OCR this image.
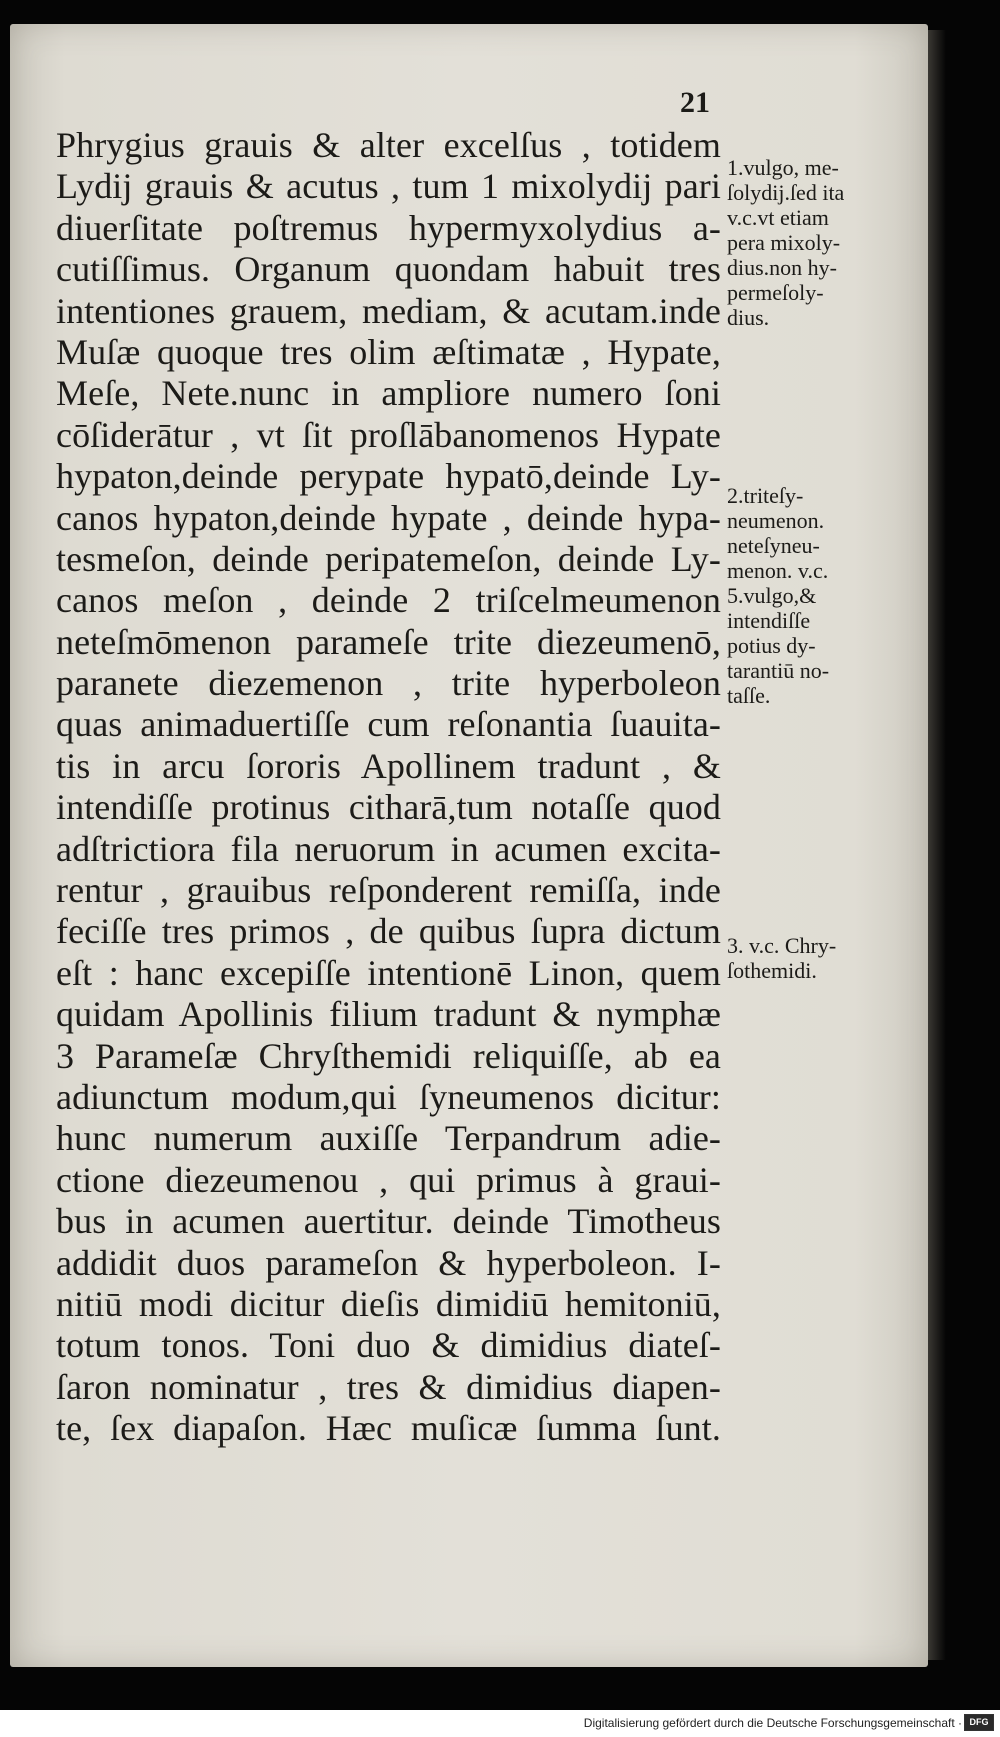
21
Phrygius grauis & alter excelſus , totidem
Lydij grauis & acutus , tum 1 mixolydij pari
diuerſitate poſtremus hypermyxolydius a-
cutiſſimus. Organum quondam habuit tres
intentiones grauem, mediam, & acutam.inde
Muſæ quoque tres olim æſtimatæ , Hypate,
Meſe, Nete.nunc in ampliore numero ſoni
cōſiderātur , vt ſit proſlābanomenos Hypate
hypaton,deinde perypate hypatō,deinde Ly-
canos hypaton,deinde hypate , deinde hypa-
tesmeſon, deinde peripatemeſon, deinde Ly-
canos meſon , deinde 2 triſcelmeumenon
neteſmōmenon parameſe trite diezeumenō,
paranete diezemenon , trite hyperboleon
quas animaduertiſſe cum reſonantia ſuauita-
tis in arcu ſororis Apollinem tradunt , &
intendiſſe protinus citharā,tum notaſſe quod
adſtrictiora fila neruorum in acumen excita-
rentur , grauibus reſponderent remiſſa, inde
feciſſe tres primos , de quibus ſupra dictum
eſt : hanc excepiſſe intentionē Linon, quem
quidam Apollinis filium tradunt & nymphæ
3 Parameſæ Chryſthemidi reliquiſſe, ab ea
adiunctum modum,qui ſyneumenos dicitur:
hunc numerum auxiſſe Terpandrum adie-
ctione diezeumenou , qui primus à graui-
bus in acumen auertitur. deinde Timotheus
addidit duos parameſon & hyperboleon. I-
nitiū modi dicitur dieſis dimidiū hemitoniū,
totum tonos. Toni duo & dimidius diateſ-
ſaron nominatur , tres & dimidius diapen-
te, ſex diapaſon. Hæc muſicæ ſumma ſunt.
1.vulgo, me-
ſolydij.ſed ita
v.c.vt etiam
pera mixoly-
dius.non hy-
permeſoly-
dius.
2.triteſy-
neumenon.
neteſyneu-
menon. v.c.
5.vulgo,&
intendiſſe
potius dy-
tarantiū no-
taſſe.
3. v.c. Chry-
ſothemidi.
Digitalisierung gefördert durch die Deutsche Forschungsgemeinschaft · DFG
